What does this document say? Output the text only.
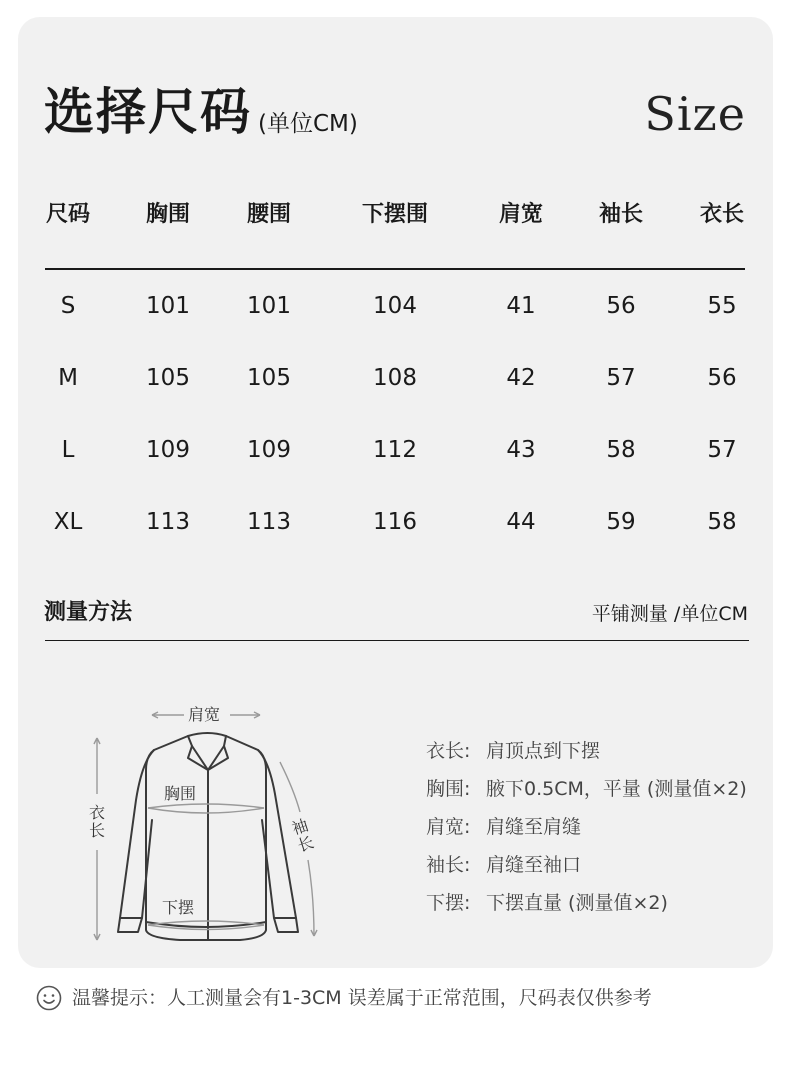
选择尺码 (单位CM)	Size
尺码	胸围	腰围	下摆围	肩宽	袖长	衣长
S	101	101	104	41	56	55
M	105	105	108	42	57	56
L	109	109	112	43	58	57
XL	113	113	116	44	59	58
测量方法	平铺测量 /单位CM
肩宽
胸围
衣长	袖长
下摆
衣长: 肩顶点到下摆
胸围: 腋下0.5CM，平量 (测量值×2)
肩宽: 肩缝至肩缝
袖长: 肩缝至袖口
下摆: 下摆直量 (测量值×2)
温馨提示：人工测量会有1-3CM 误差属于正常范围，尺码表仅供参考
